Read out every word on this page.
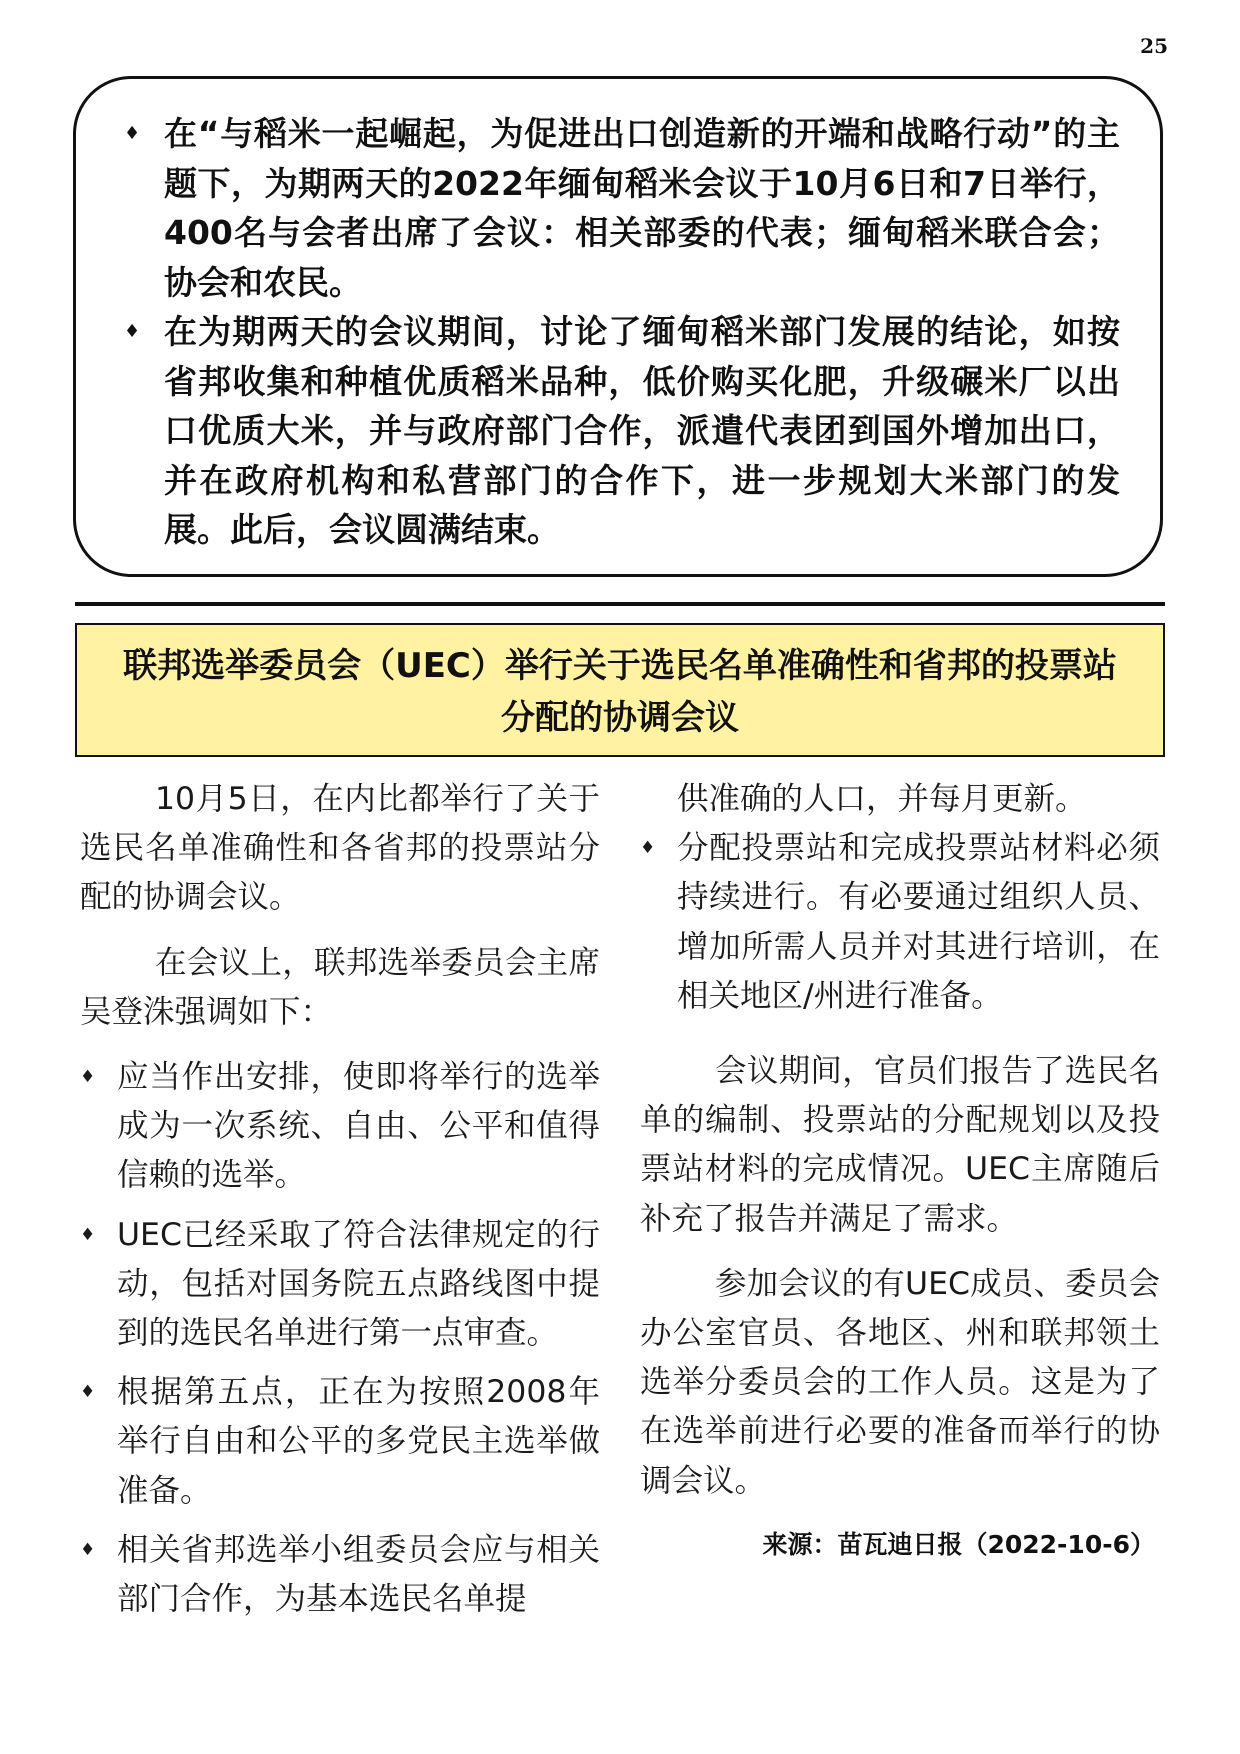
25
♦ 在“与稻米一起崛起，为促进出口创造新的开端和战略行动”的主题下，为期两天的2022年缅甸稻米会议于10月6日和7日举行，400名与会者出席了会议：相关部委的代表；缅甸稻米联合会；协会和农民。
♦ 在为期两天的会议期间，讨论了缅甸稻米部门发展的结论，如按省邦收集和种植优质稻米品种，低价购买化肥，升级碾米厂以出口优质大米，并与政府部门合作，派遣代表团到国外增加出口，并在政府机构和私营部门的合作下，进一步规划大米部门的发展。此后，会议圆满结束。
联邦选举委员会（UEC）举行关于选民名单准确性和省邦的投票站
分配的协调会议

10月5日，在内比都举行了关于选民名单准确性和各省邦的投票站分配的协调会议。

在会议上，联邦选举委员会主席吴登洙强调如下：

♦ 应当作出安排，使即将举行的选举成为一次系统、自由、公平和值得信赖的选举。
♦ UEC已经采取了符合法律规定的行动，包括对国务院五点路线图中提到的选民名单进行第一点审查。
♦ 根据第五点，正在为按照2008年举行自由和公平的多党民主选举做准备。
♦ 相关省邦选举小组委员会应与相关部门合作，为基本选民名单提

供准确的人口，并每月更新。

♦ 分配投票站和完成投票站材料必须持续进行。有必要通过组织人员、增加所需人员并对其进行培训，在相关地区/州进行准备。

会议期间，官员们报告了选民名单的编制、投票站的分配规划以及投票站材料的完成情况。UEC主席随后补充了报告并满足了需求。

参加会议的有UEC成员、委员会办公室官员、各地区、州和联邦领土选举分委员会的工作人员。这是为了在选举前进行必要的准备而举行的协调会议。

来源：苗瓦迪日报（2022-10-6）
